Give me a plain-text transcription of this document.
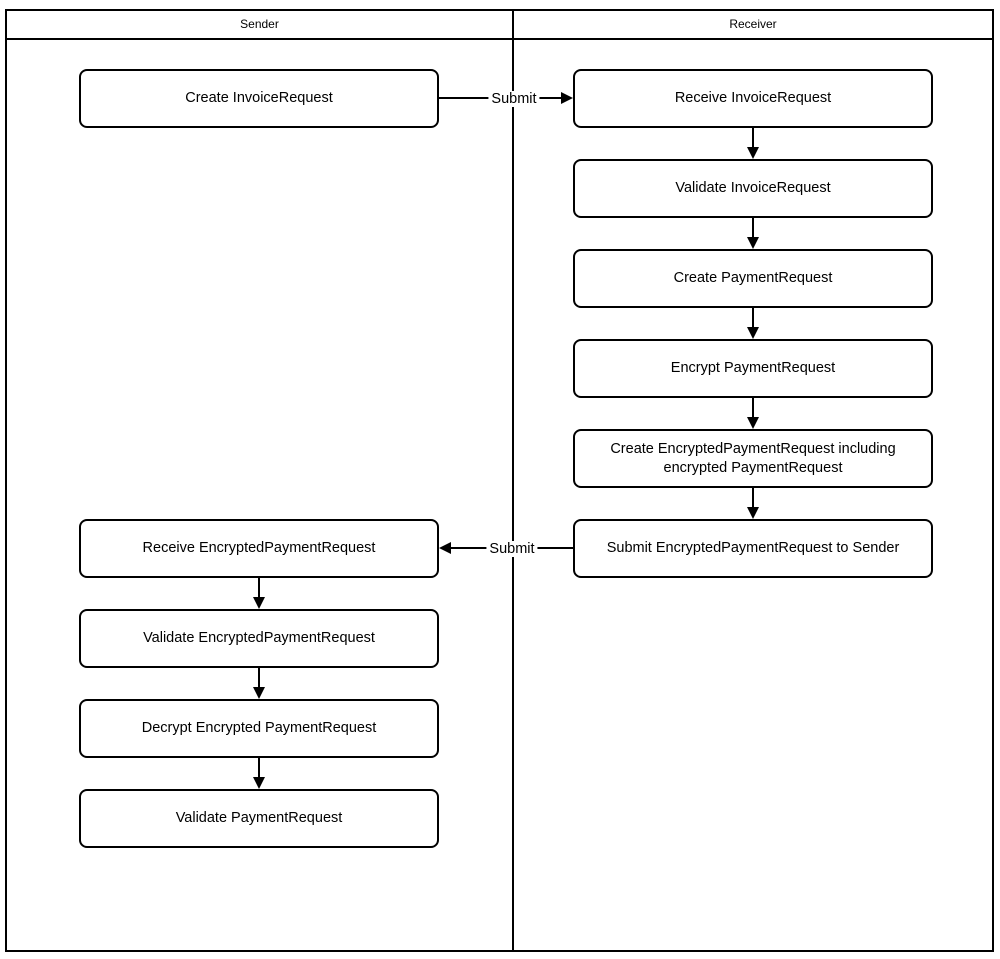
Sender	Receiver
Create InvoiceRequest
Receive EncryptedPaymentRequest
Validate EncryptedPaymentRequest
Decrypt Encrypted PaymentRequest
Validate PaymentRequest
Receive InvoiceRequest
Validate InvoiceRequest
Create PaymentRequest
Encrypt PaymentRequest
Create EncryptedPaymentRequest including encrypted PaymentRequest
Submit EncryptedPaymentRequest to Sender
Submit
Submit
